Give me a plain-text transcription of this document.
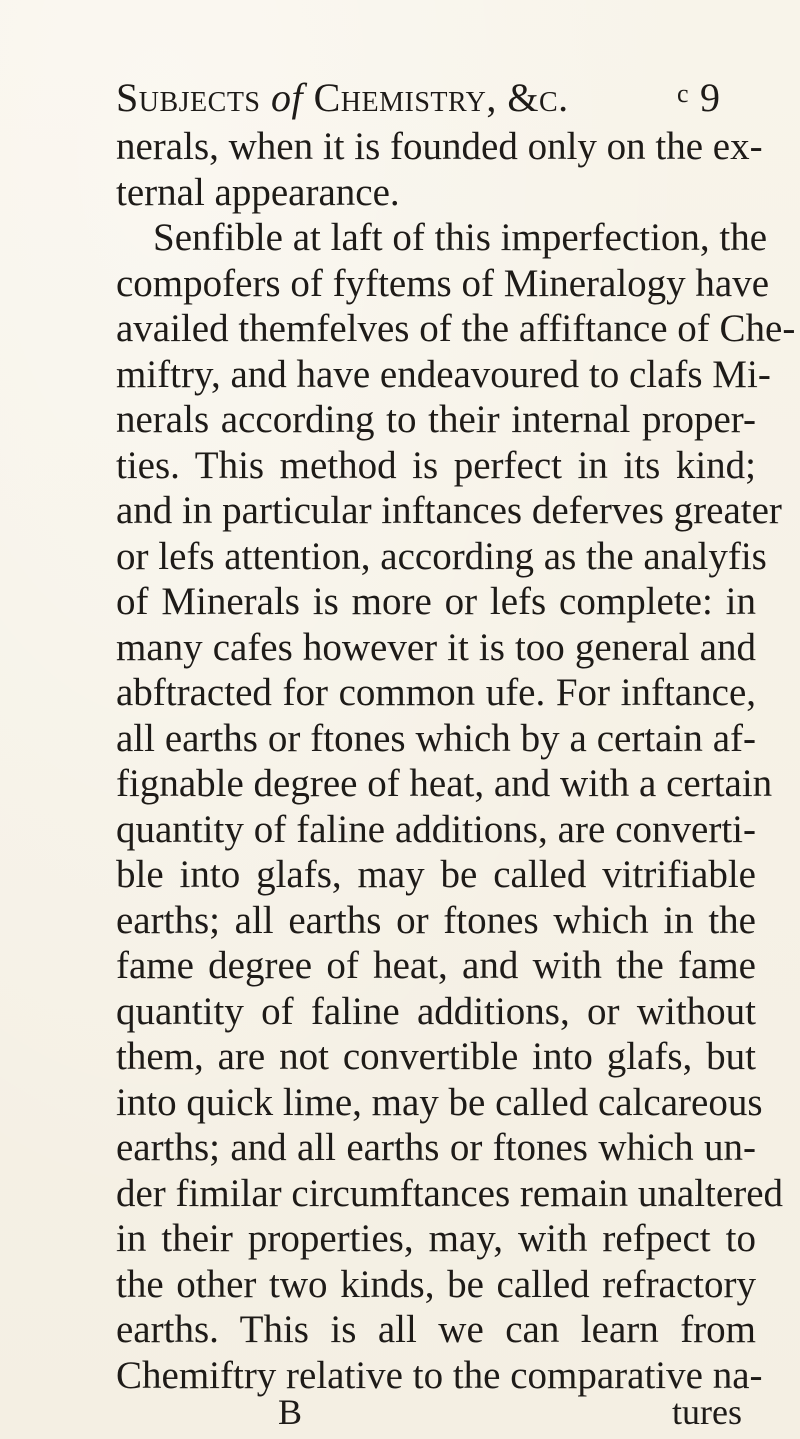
Subjects of Chemistry, &c.	c 9
nerals, when it is founded only on the ex-
ternal appearance.
Senfible at laft of this imperfection, the
compofers of fyftems of Mineralogy have
availed themfelves of the affiftance of Che-
miftry, and have endeavoured to clafs Mi-
nerals according to their internal proper-
ties. This method is perfect in its kind;
and in particular inftances deferves greater
or lefs attention, according as the analyfis
of Minerals is more or lefs complete: in
many cafes however it is too general and
abftracted for common ufe. For inftance,
all earths or ftones which by a certain af-
fignable degree of heat, and with a certain
quantity of faline additions, are converti-
ble into glafs, may be called vitrifiable
earths; all earths or ftones which in the
fame degree of heat, and with the fame
quantity of faline additions, or without
them, are not convertible into glafs, but
into quick lime, may be called calcareous
earths; and all earths or ftones which un-
der fimilar circumftances remain unaltered
in their properties, may, with refpect to
the other two kinds, be called refractory
earths. This is all we can learn from
Chemiftry relative to the comparative na-
B	tures
